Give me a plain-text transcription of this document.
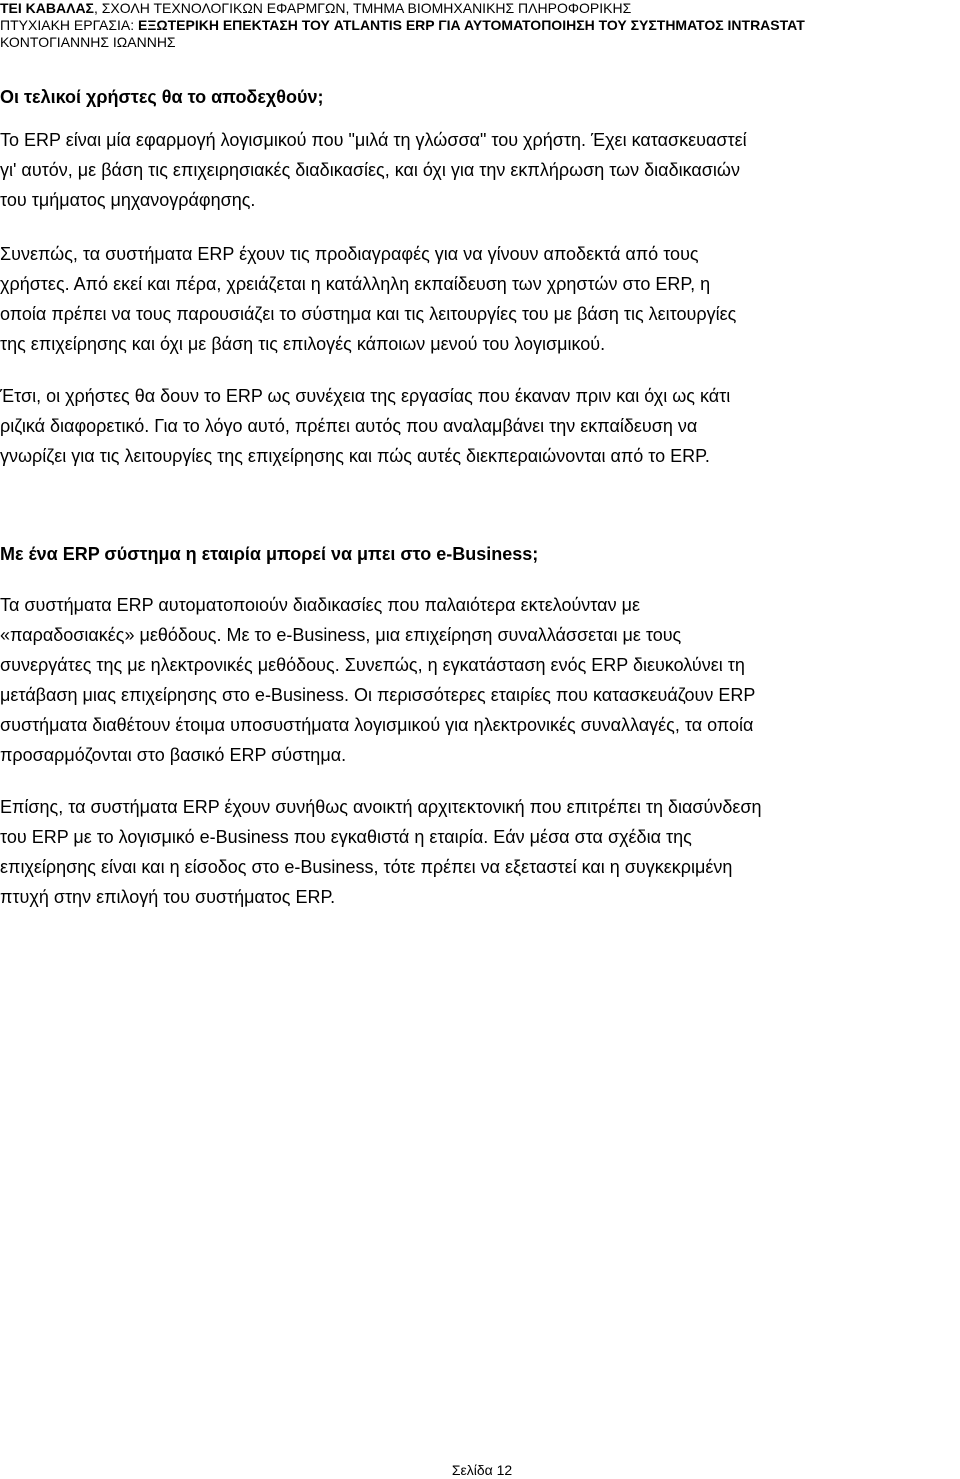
ΤΕΙ ΚΑΒΑΛΑΣ, ΣΧΟΛΗ ΤΕΧΝΟΛΟΓΙΚΩΝ ΕΦΑΡΜΓΩΝ, ΤΜΗΜΑ ΒΙΟΜΗΧΑΝΙΚΗΣ ΠΛΗΡΟΦΟΡΙΚΗΣ
ΠΤΥΧΙΑΚΗ ΕΡΓΑΣΙΑ: ΕΞΩΤΕΡΙΚΗ ΕΠΕΚΤΑΣΗ ΤΟΥ ATLANTIS ERP ΓΙΑ ΑΥΤΟΜΑΤΟΠΟΙΗΣΗ ΤΟΥ ΣΥΣΤΗΜΑΤΟΣ INTRASTAT
ΚΟΝΤΟΓΙΑΝΝΗΣ ΙΩΑΝΝΗΣ
Οι τελικοί χρήστες θα το αποδεχθούν;
Το ERP είναι μία εφαρμογή λογισμικού που "μιλά τη γλώσσα" του χρήστη. Έχει κατασκευαστεί
γι' αυτόν, με βάση τις επιχειρησιακές διαδικασίες, και όχι για την εκπλήρωση των διαδικασιών
του τμήματος μηχανογράφησης.
Συνεπώς, τα συστήματα ERP έχουν τις προδιαγραφές για να γίνουν αποδεκτά από τους
χρήστες. Από εκεί και πέρα, χρειάζεται η κατάλληλη εκπαίδευση των χρηστών στο ERP, η
οποία πρέπει να τους παρουσιάζει το σύστημα και τις λειτουργίες του με βάση τις λειτουργίες
της επιχείρησης και όχι με βάση τις επιλογές κάποιων μενού του λογισμικού.
Έτσι, οι χρήστες θα δουν το ERP ως συνέχεια της εργασίας που έκαναν πριν και όχι ως κάτι
ριζικά διαφορετικό. Για το λόγο αυτό, πρέπει αυτός που αναλαμβάνει την εκπαίδευση να
γνωρίζει για τις λειτουργίες της επιχείρησης και πώς αυτές διεκπεραιώνονται από το ERP.
Με ένα ERP σύστημα η εταιρία μπορεί να μπει στο e-Business;
Τα συστήματα ERP αυτοματοποιούν διαδικασίες που παλαιότερα εκτελούνταν με
«παραδοσιακές» μεθόδους. Με το e-Business, μια επιχείρηση συναλλάσσεται με τους
συνεργάτες της με ηλεκτρονικές μεθόδους. Συνεπώς, η εγκατάσταση ενός ERP διευκολύνει τη
μετάβαση μιας επιχείρησης στο e-Business. Οι περισσότερες εταιρίες που κατασκευάζουν ERP
συστήματα διαθέτουν έτοιμα υποσυστήματα λογισμικού για ηλεκτρονικές συναλλαγές, τα οποία
προσαρμόζονται στο βασικό ERP σύστημα.
Επίσης, τα συστήματα ERP έχουν συνήθως ανοικτή αρχιτεκτονική που επιτρέπει τη διασύνδεση
του ERP με το λογισμικό e-Business που εγκαθιστά η εταιρία. Εάν μέσα στα σχέδια της
επιχείρησης είναι και η είσοδος στο e-Business, τότε πρέπει να εξεταστεί και η συγκεκριμένη
πτυχή στην επιλογή του συστήματος ERP.
Σελίδα 12
